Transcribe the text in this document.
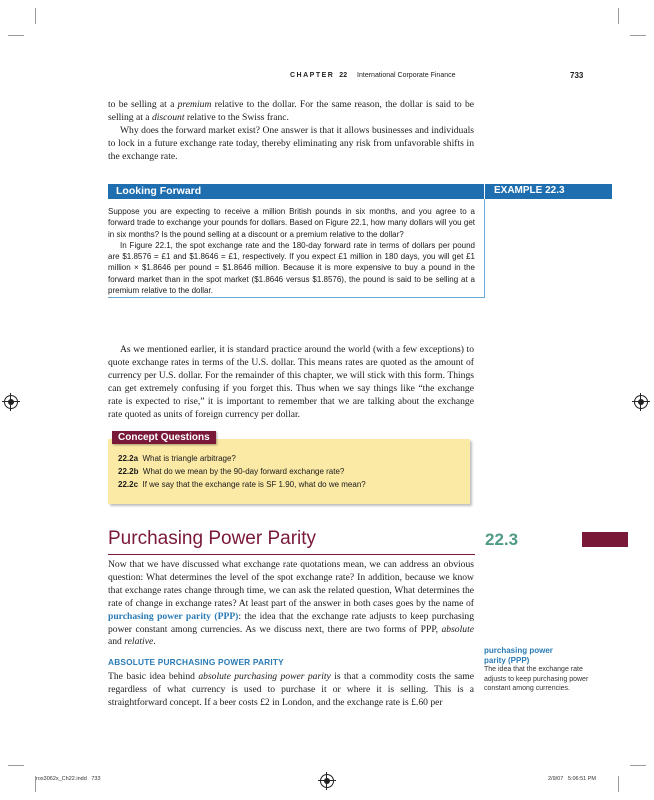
CHAPTER 22 International Corporate Finance	733

to be selling at a premium relative to the dollar. For the same reason, the dollar is said to be selling at a discount relative to the Swiss franc.

Why does the forward market exist? One answer is that it allows businesses and individuals to lock in a future exchange rate today, thereby eliminating any risk from unfavorable shifts in the exchange rate.

Looking Forward	EXAMPLE 22.3

Suppose you are expecting to receive a million British pounds in six months, and you agree to a forward trade to exchange your pounds for dollars. Based on Figure 22.1, how many dollars will you get in six months? Is the pound selling at a discount or a premium relative to the dollar?

In Figure 22.1, the spot exchange rate and the 180-day forward rate in terms of dollars per pound are $1.8576 = £1 and $1.8646 = £1, respectively. If you expect £1 million in 180 days, you will get £1 million × $1.8646 per pound = $1.8646 million. Because it is more expensive to buy a pound in the forward market than in the spot market ($1.8646 versus $1.8576), the pound is said to be selling at a premium relative to the dollar.

As we mentioned earlier, it is standard practice around the world (with a few exceptions) to quote exchange rates in terms of the U.S. dollar. This means rates are quoted as the amount of currency per U.S. dollar. For the remainder of this chapter, we will stick with this form. Things can get extremely confusing if you forget this. Thus when we say things like “the exchange rate is expected to rise,” it is important to remember that we are talking about the exchange rate quoted as units of foreign currency per dollar.
Concept Questions
22.2a What is triangle arbitrage?
22.2b What do we mean by the 90-day forward exchange rate?
22.2c If we say that the exchange rate is SF 1.90, what do we mean?
Purchasing Power Parity	22.3
Now that we have discussed what exchange rate quotations mean, we can address an obvious question: What determines the level of the spot exchange rate? In addition, because we know that exchange rates change through time, we can ask the related question, What determines the rate of change in exchange rates? At least part of the answer in both cases goes by the name of purchasing power parity (PPP): the idea that the exchange rate adjusts to keep purchasing power constant among currencies. As we discuss next, there are two forms of PPP, absolute and relative.
ABSOLUTE PURCHASING POWER PARITY
The basic idea behind absolute purchasing power parity is that a commodity costs the same regardless of what currency is used to purchase it or where it is selling. This is a straightforward concept. If a beer costs £2 in London, and the exchange rate is £.60 per
purchasing power
parity (PPP)
The idea that the exchange rate adjusts to keep purchasing power constant among currencies.
ros3062x_Ch22.indd   733	2/9/07   5:06:51 PM
